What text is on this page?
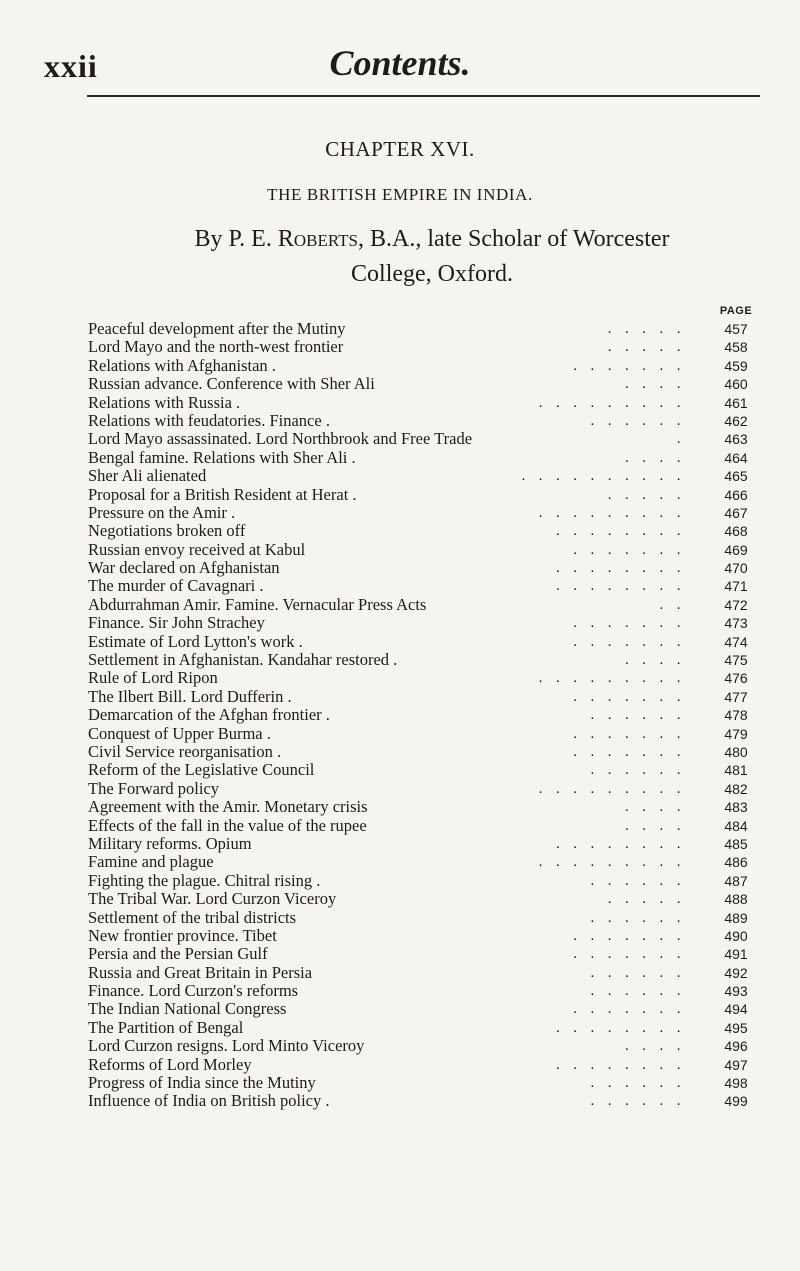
xxii	Contents.
CHAPTER XVI.
THE BRITISH EMPIRE IN INDIA.
By P. E. Roberts, B.A., late Scholar of Worcester College, Oxford.
PAGE
Peaceful development after the Mutiny	.....	457
Lord Mayo and the north-west frontier	.....	458
Relations with Afghanistan .	.......	459
Russian advance. Conference with Sher Ali	....	460
Relations with Russia .	.........	461
Relations with feudatories. Finance .	......	462
Lord Mayo assassinated. Lord Northbrook and Free Trade	.	463
Bengal famine. Relations with Sher Ali .	....	464
Sher Ali alienated	..........	465
Proposal for a British Resident at Herat .	.....	466
Pressure on the Amir .	.........	467
Negotiations broken off	........	468
Russian envoy received at Kabul	.......	469
War declared on Afghanistan	........	470
The murder of Cavagnari .	........	471
Abdurrahman Amir. Famine. Vernacular Press Acts	..	472
Finance. Sir John Strachey	.......	473
Estimate of Lord Lytton's work .	.......	474
Settlement in Afghanistan. Kandahar restored .	....	475
Rule of Lord Ripon	.........	476
The Ilbert Bill. Lord Dufferin .	.......	477
Demarcation of the Afghan frontier .	......	478
Conquest of Upper Burma .	.......	479
Civil Service reorganisation .	.......	480
Reform of the Legislative Council	......	481
The Forward policy	.........	482
Agreement with the Amir. Monetary crisis	....	483
Effects of the fall in the value of the rupee	....	484
Military reforms. Opium	........	485
Famine and plague	.........	486
Fighting the plague. Chitral rising .	......	487
The Tribal War. Lord Curzon Viceroy	.....	488
Settlement of the tribal districts	......	489
New frontier province. Tibet	.......	490
Persia and the Persian Gulf	.......	491
Russia and Great Britain in Persia	......	492
Finance. Lord Curzon's reforms	......	493
The Indian National Congress	.......	494
The Partition of Bengal	........	495
Lord Curzon resigns. Lord Minto Viceroy	....	496
Reforms of Lord Morley	........	497
Progress of India since the Mutiny	......	498
Influence of India on British policy .	......	499
